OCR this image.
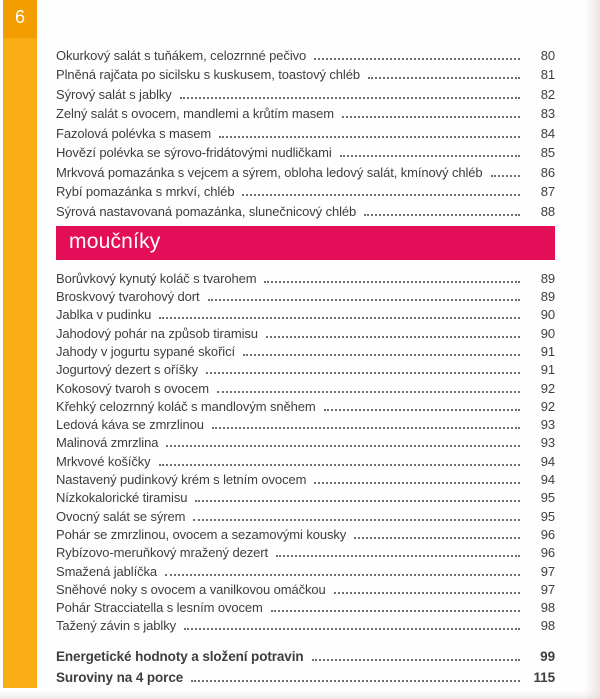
6
Okurkový salát s tuňákem, celozrnné pečivo	80
Plněná rajčata po sicilsku s kuskusem, toastový chléb	81
Sýrový salát s jablky	82
Zelný salát s ovocem, mandlemi a krůtím masem	83
Fazolová polévka s masem	84
Hovězí polévka se sýrovo-fridátovými nudličkami	85
Mrkvová pomazánka s vejcem a sýrem, obloha ledový salát, kmínový chléb	86
Rybí pomazánka s mrkví, chléb	87
Sýrová nastavovaná pomazánka, slunečnicový chléb	88
moučníky
Borůvkový kynutý koláč s tvarohem	89
Broskvový tvarohový dort	89
Jablka v pudinku	90
Jahodový pohár na způsob tiramisu	90
Jahody v jogurtu sypané skořicí	91
Jogurtový dezert s oříšky	91
Kokosový tvaroh s ovocem	92
Křehký celozrnný koláč s mandlovým sněhem	92
Ledová káva se zmrzlinou	93
Malinová zmrzlina	93
Mrkvové košíčky	94
Nastavený pudinkový krém s letním ovocem	94
Nízkokalorické tiramisu	95
Ovocný salát se sýrem	95
Pohár se zmrzlinou, ovocem a sezamovými kousky	96
Rybízovo-meruňkový mražený dezert	96
Smažená jablíčka	97
Sněhové noky s ovocem a vanilkovou omáčkou	97
Pohár Stracciatella s lesním ovocem	98
Tažený závin s jablky	98
Energetické hodnoty a složení potravin	99
Suroviny na 4 porce	115
